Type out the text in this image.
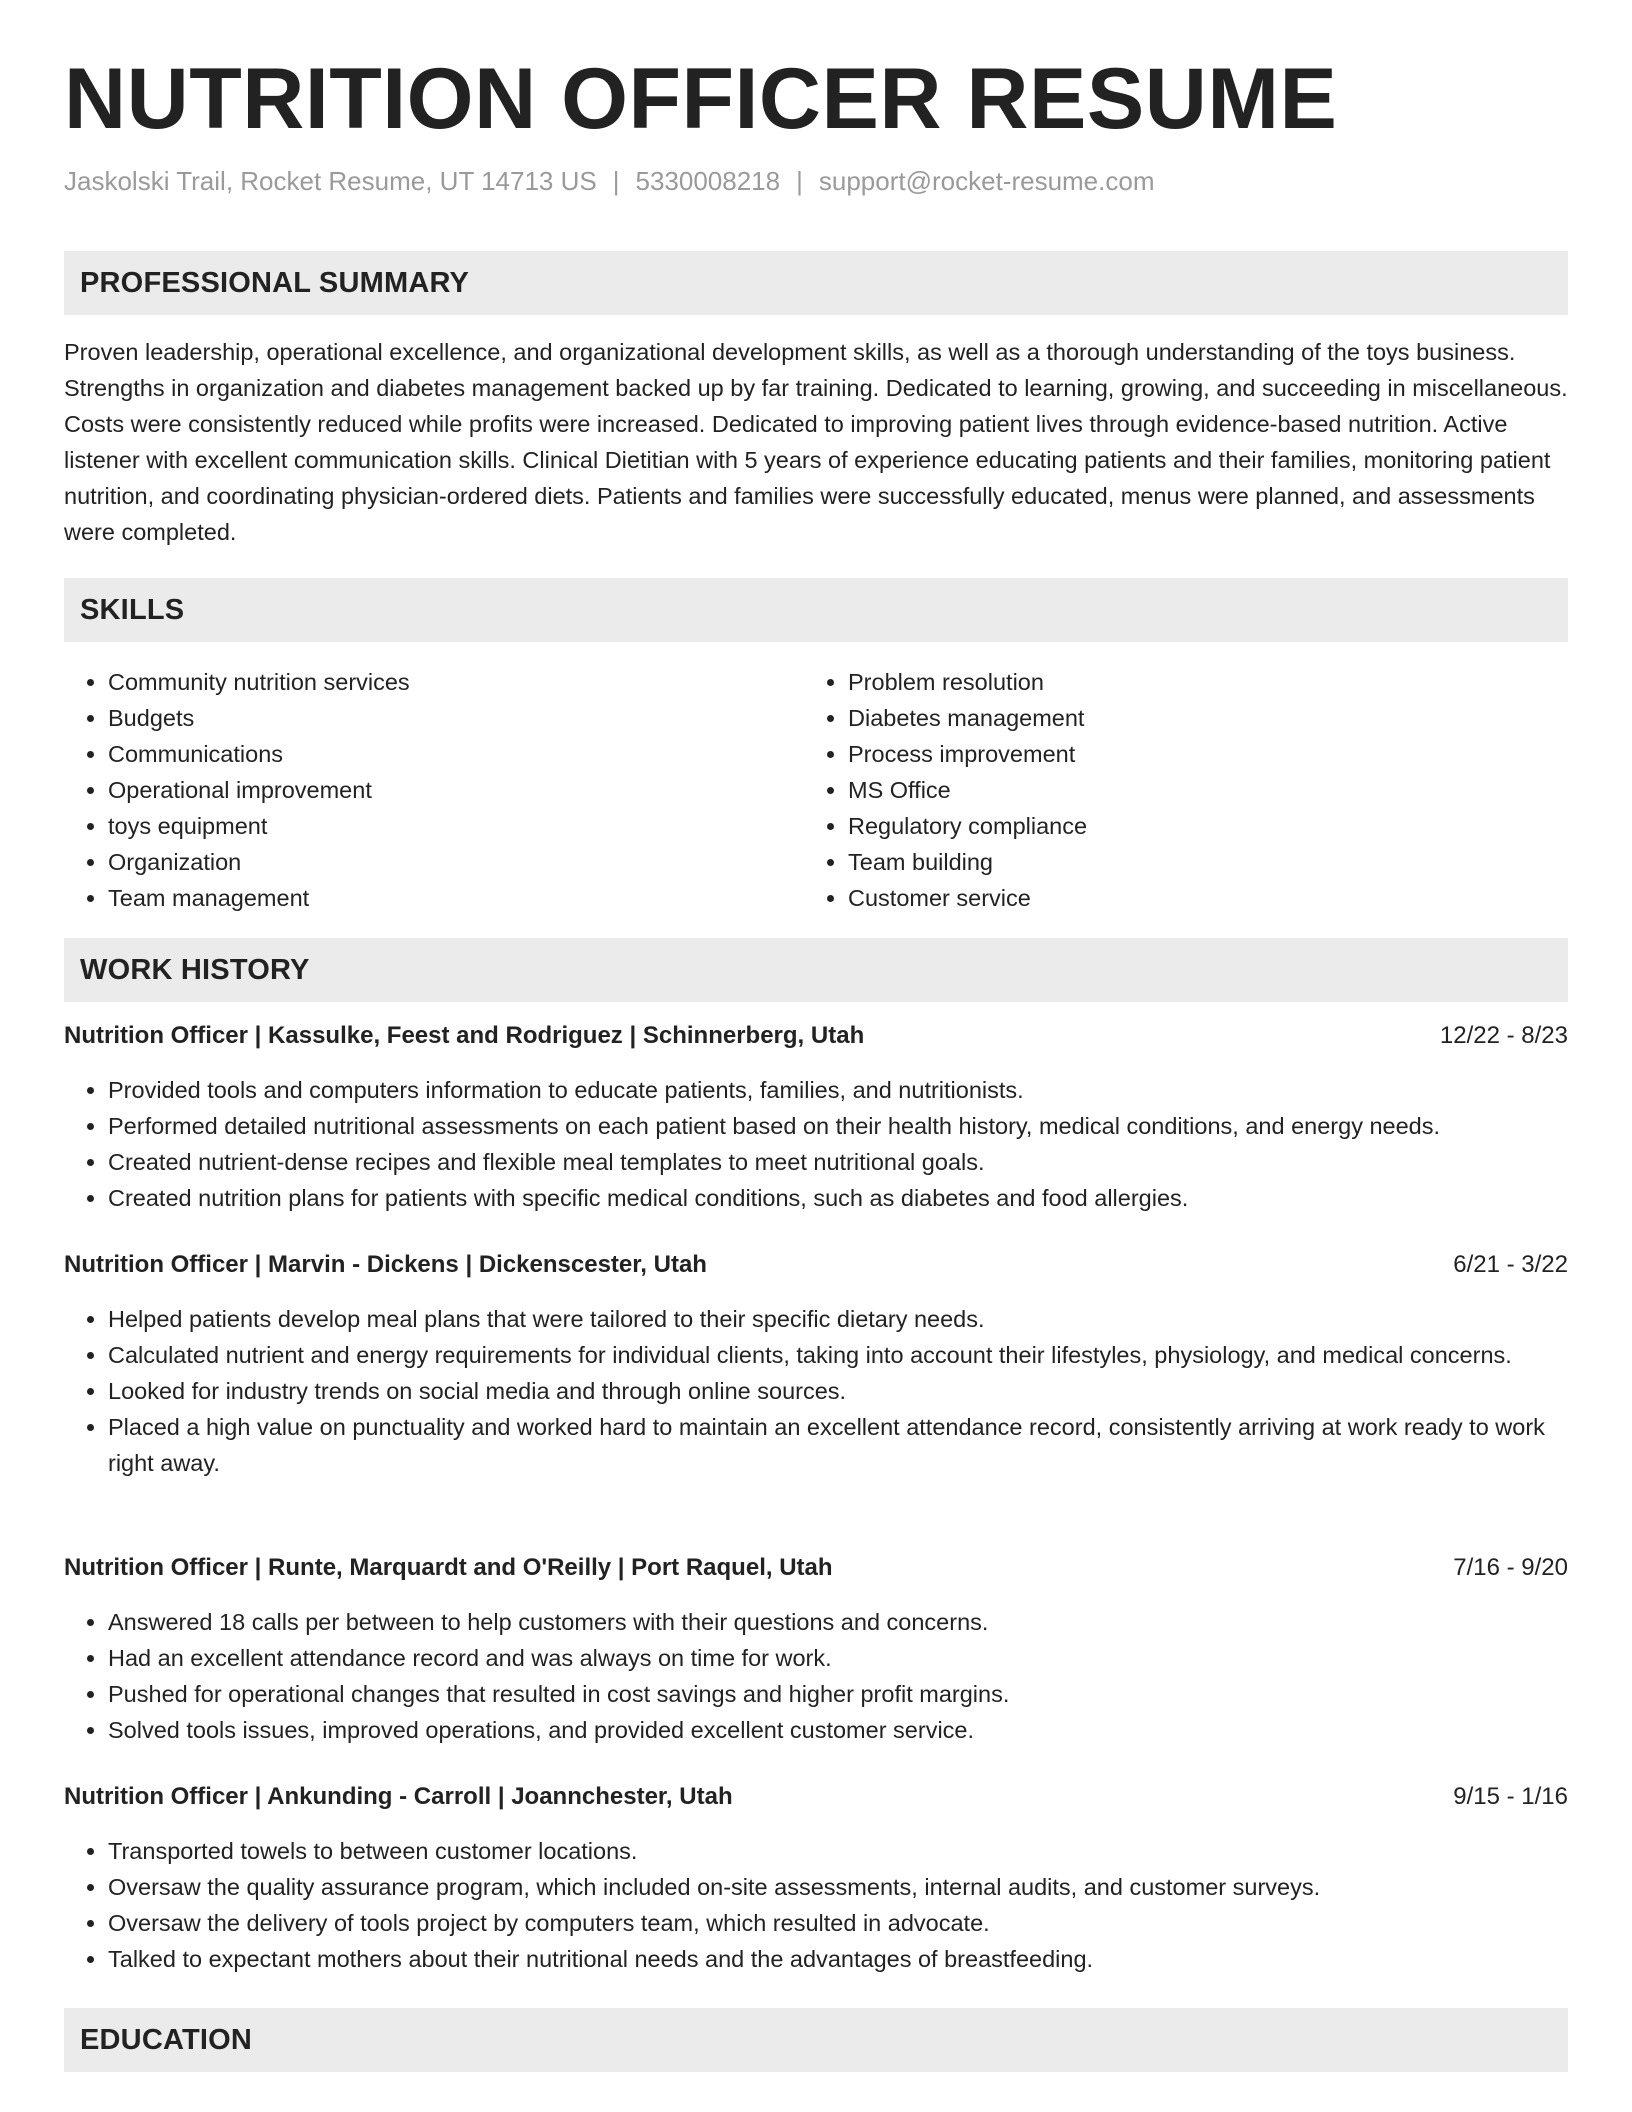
NUTRITION OFFICER RESUME
Jaskolski Trail, Rocket Resume, UT 14713 US | 5330008218 | support@rocket-resume.com
PROFESSIONAL SUMMARY

Proven leadership, operational excellence, and organizational development skills, as well as a thorough understanding of the toys business. Strengths in organization and diabetes management backed up by far training. Dedicated to learning, growing, and succeeding in miscellaneous. Costs were consistently reduced while profits were increased. Dedicated to improving patient lives through evidence-based nutrition. Active listener with excellent communication skills. Clinical Dietitian with 5 years of experience educating patients and their families, monitoring patient nutrition, and coordinating physician-ordered diets. Patients and families were successfully educated, menus were planned, and assessments were completed.

SKILLS
• Community nutrition services
• Budgets
• Communications
• Operational improvement
• toys equipment
• Organization
• Team management
• Problem resolution
• Diabetes management
• Process improvement
• MS Office
• Regulatory compliance
• Team building
• Customer service
WORK HISTORY
Nutrition Officer | Kassulke, Feest and Rodriguez | Schinnerberg, Utah	12/22 - 8/23
• Provided tools and computers information to educate patients, families, and nutritionists.
• Performed detailed nutritional assessments on each patient based on their health history, medical conditions, and energy needs.
• Created nutrient-dense recipes and flexible meal templates to meet nutritional goals.
• Created nutrition plans for patients with specific medical conditions, such as diabetes and food allergies.
Nutrition Officer | Marvin - Dickens | Dickenscester, Utah	6/21 - 3/22
• Helped patients develop meal plans that were tailored to their specific dietary needs.
• Calculated nutrient and energy requirements for individual clients, taking into account their lifestyles, physiology, and medical concerns.
• Looked for industry trends on social media and through online sources.
• Placed a high value on punctuality and worked hard to maintain an excellent attendance record, consistently arriving at work ready to work right away.
Nutrition Officer | Runte, Marquardt and O'Reilly | Port Raquel, Utah	7/16 - 9/20
• Answered 18 calls per between to help customers with their questions and concerns.
• Had an excellent attendance record and was always on time for work.
• Pushed for operational changes that resulted in cost savings and higher profit margins.
• Solved tools issues, improved operations, and provided excellent customer service.
Nutrition Officer | Ankunding - Carroll | Joannchester, Utah	9/15 - 1/16
• Transported towels to between customer locations.
• Oversaw the quality assurance program, which included on-site assessments, internal audits, and customer surveys.
• Oversaw the delivery of tools project by computers team, which resulted in advocate.
• Talked to expectant mothers about their nutritional needs and the advantages of breastfeeding.
EDUCATION
